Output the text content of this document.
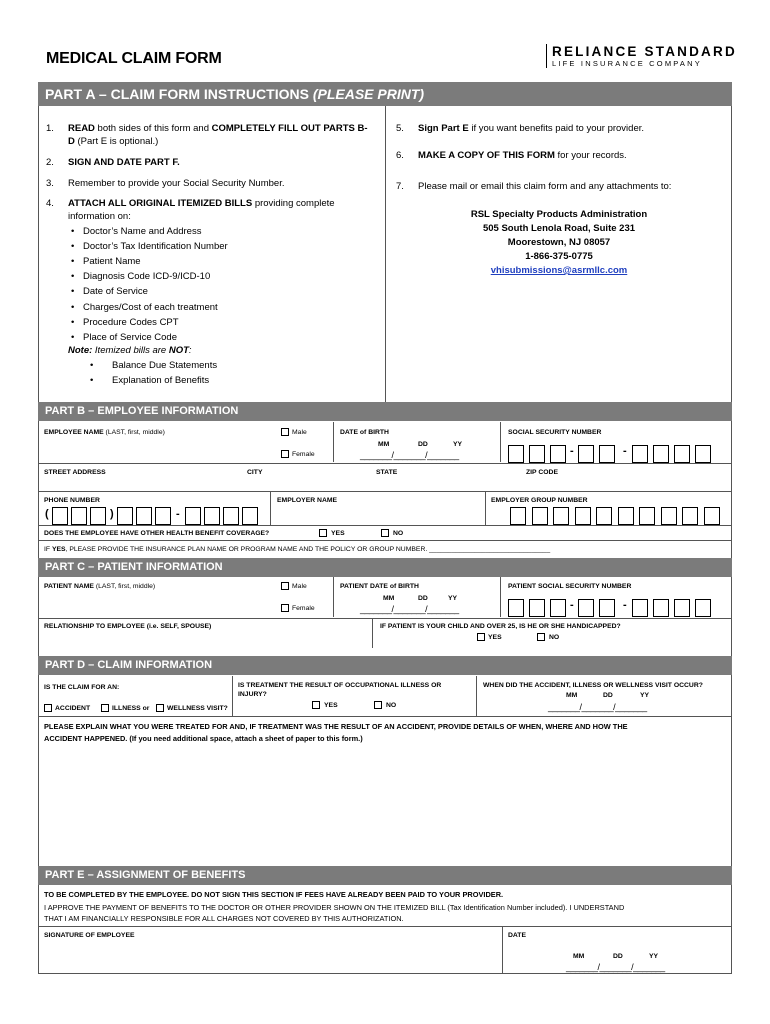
MEDICAL CLAIM FORM	RELIANCE STANDARD
LIFE INSURANCE COMPANY
PART A – CLAIM FORM INSTRUCTIONS (PLEASE PRINT)
1. READ both sides of this form and COMPLETELY FILL OUT PARTS B-
D (Part E is optional.)
2. SIGN AND DATE PART F.
3. Remember to provide your Social Security Number.
4. ATTACH ALL ORIGINAL ITEMIZED BILLS providing complete
information on:
• Doctor’s Name and Address
• Doctor’s Tax Identification Number
• Patient Name
• Diagnosis Code ICD-9/ICD-10
• Date of Service
• Charges/Cost of each treatment
• Procedure Codes CPT
• Place of Service Code
Note: Itemized bills are NOT:
• Balance Due Statements
• Explanation of Benefits
5. Sign Part E if you want benefits paid to your provider.
6. MAKE A COPY OF THIS FORM for your records.
7. Please mail or email this claim form and any attachments to:
RSL Specialty Products Administration
505 South Lenola Road, Suite 231
Moorestown, NJ 08057
1-866-375-0775
vhisubmissions@asrmllc.com
PART B – EMPLOYEE INFORMATION
EMPLOYEE NAME (LAST, first, middle)	Male
Female
DATE of BIRTH
MM	DD	YY
_______/_______/_______
SOCIAL SECURITY NUMBER
-	-
STREET ADDRESS	CITY	STATE	ZIP CODE
PHONE NUMBER
(	)	-
EMPLOYER NAME	EMPLOYER GROUP NUMBER
DOES THE EMPLOYEE HAVE OTHER HEALTH BENEFIT COVERAGE?	YES	NO
IF YES, PLEASE PROVIDE THE INSURANCE PLAN NAME OR PROGRAM NAME AND THE POLICY OR GROUP NUMBER. ________________________________
PART C – PATIENT INFORMATION
PATIENT NAME (LAST, first, middle)	Male
Female
PATIENT DATE of BIRTH
MM	DD	YY
_______/_______/_______
PATIENT SOCIAL SECURITY NUMBER
-	-
RELATIONSHIP TO EMPLOYEE (i.e. SELF, SPOUSE)	IF PATIENT IS YOUR CHILD AND OVER 25, IS HE OR SHE HANDICAPPED?
YES	NO
PART D – CLAIM INFORMATION
IS THE CLAIM FOR AN:
ACCIDENT	ILLNESS or	WELLNESS VISIT?
IS TREATMENT THE RESULT OF OCCUPATIONAL ILLNESS OR
INJURY?
YES	NO
WHEN DID THE ACCIDENT, ILLNESS OR WELLNESS VISIT OCCUR?
MM	DD	YY
_______/_______/_______
PLEASE EXPLAIN WHAT YOU WERE TREATED FOR AND, IF TREATMENT WAS THE RESULT OF AN ACCIDENT, PROVIDE DETAILS OF WHEN, WHERE AND HOW THE
ACCIDENT HAPPENED. (If you need additional space, attach a sheet of paper to this form.)
PART E – ASSIGNMENT OF BENEFITS
TO BE COMPLETED BY THE EMPLOYEE. DO NOT SIGN THIS SECTION IF FEES HAVE ALREADY BEEN PAID TO YOUR PROVIDER.
I APPROVE THE PAYMENT OF BENEFITS TO THE DOCTOR OR OTHER PROVIDER SHOWN ON THE ITEMIZED BILL (Tax Identification Number included). I UNDERSTAND
THAT I AM FINANCIALLY RESPONSIBLE FOR ALL CHARGES NOT COVERED BY THIS AUTHORIZATION.
SIGNATURE OF EMPLOYEE	DATE
MM	DD	YY
_______/_______/_______
